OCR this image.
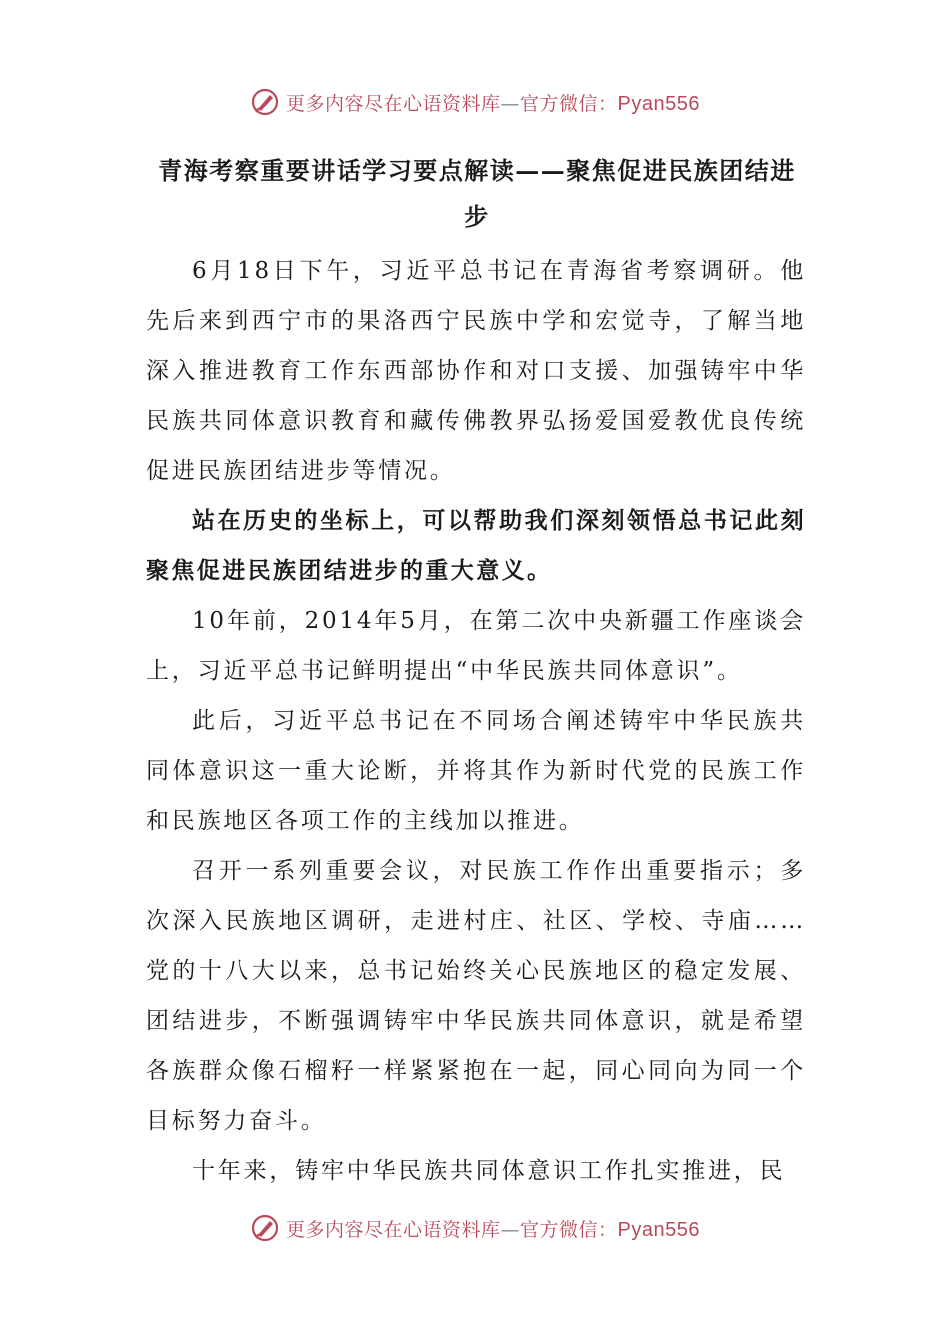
更多内容尽在心语资料库—官方微信：Pyan556
青海考察重要讲话学习要点解读——聚焦促进民族团结进步

6月18日下午，习近平总书记在青海省考察调研。他先后来到西宁市的果洛西宁民族中学和宏觉寺，了解当地深入推进教育工作东西部协作和对口支援、加强铸牢中华民族共同体意识教育和藏传佛教界弘扬爱国爱教优良传统促进民族团结进步等情况。

站在历史的坐标上，可以帮助我们深刻领悟总书记此刻聚焦促进民族团结进步的重大意义。

10年前，2014年5月，在第二次中央新疆工作座谈会上，习近平总书记鲜明提出“中华民族共同体意识”。

此后，习近平总书记在不同场合阐述铸牢中华民族共同体意识这一重大论断，并将其作为新时代党的民族工作和民族地区各项工作的主线加以推进。

召开一系列重要会议，对民族工作作出重要指示；多次深入民族地区调研，走进村庄、社区、学校、寺庙……党的十八大以来，总书记始终关心民族地区的稳定发展、团结进步，不断强调铸牢中华民族共同体意识，就是希望各族群众像石榴籽一样紧紧抱在一起，同心同向为同一个目标努力奋斗。

十年来，铸牢中华民族共同体意识工作扎实推进，民

更多内容尽在心语资料库—官方微信：Pyan556
